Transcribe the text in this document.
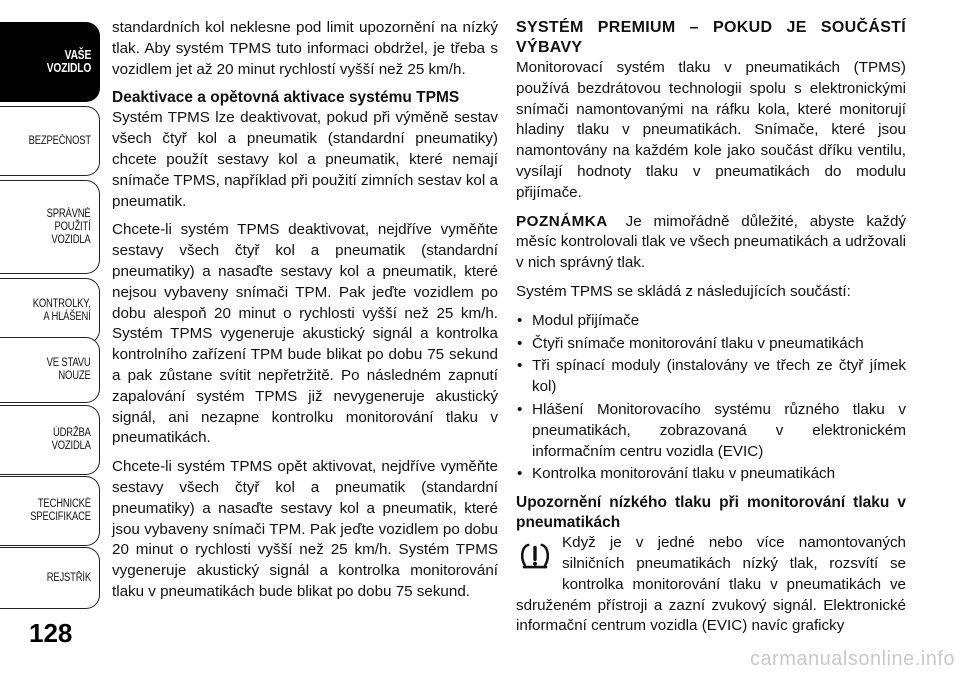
VAŠE
VOZIDLO
BEZPEČNOST
SPRÁVNÉ
POUŽITÍ
VOZIDLA
KONTROLKY,
A HLÁŠENÍ
VE STAVU
NOUZE
ÚDRŽBA
VOZIDLA
TECHNICKÉ
SPECIFIKACE
REJSTŘÍK
128

standardních kol neklesne pod limit upozornění na nízký tlak. Aby systém TPMS tuto informaci obdržel, je třeba s vozidlem jet až 20 minut rychlostí vyšší než 25 km/h.

Deaktivace a opětovná aktivace systému TPMS

Systém TPMS lze deaktivovat, pokud při výměně sestav všech čtyř kol a pneumatik (standardní pneumatiky) chcete použít sestavy kol a pneumatik, které nemají snímače TPMS, například při použití zimních sestav kol a pneumatik.

Chcete-li systém TPMS deaktivovat, nejdříve vyměňte sestavy všech čtyř kol a pneumatik (standardní pneumatiky) a nasaďte sestavy kol a pneumatik, které nejsou vybaveny snímači TPM. Pak jeďte vozidlem po dobu alespoň 20 minut o rychlosti vyšší než 25 km/h. Systém TPMS vygeneruje akustický signál a kontrolka kontrolního zařízení TPM bude blikat po dobu 75 sekund a pak zůstane svítit nepřetržitě. Po následném zapnutí zapalování systém TPMS již nevygeneruje akustický signál, ani nezapne kontrolku monitorování tlaku v pneumatikách.

Chcete-li systém TPMS opět aktivovat, nejdříve vyměňte sestavy všech čtyř kol a pneumatik (standardní pneumatiky) a nasaďte sestavy kol a pneumatik, které jsou vybaveny snímači TPM. Pak jeďte vozidlem po dobu 20 minut o rychlosti vyšší než 25 km/h. Systém TPMS vygeneruje akustický signál a kontrolka monitorování tlaku v pneumatikách bude blikat po dobu 75 sekund.

SYSTÉM PREMIUM – POKUD JE SOUČÁSTÍ VÝBAVY

Monitorovací systém tlaku v pneumatikách (TPMS) používá bezdrátovou technologii spolu s elektronickými snímači namontovanými na ráfku kola, které monitorují hladiny tlaku v pneumatikách. Snímače, které jsou namontovány na každém kole jako součást dříku ventilu, vysílají hodnoty tlaku v pneumatikách do modulu přijímače.

POZNÁMKA Je mimořádně důležité, abyste každý měsíc kontrolovali tlak ve všech pneumatikách a udržovali v nich správný tlak.

Systém TPMS se skládá z následujících součástí:

• Modul přijímače
• Čtyři snímače monitorování tlaku v pneumatikách
• Tři spínací moduly (instalovány ve třech ze čtyř jímek kol)
• Hlášení Monitorovacího systému různého tlaku v pneumatikách, zobrazovaná v elektronickém informačním centru vozidla (EVIC)
• Kontrolka monitorování tlaku v pneumatikách
Upozornění nízkého tlaku při monitorování tlaku v pneumatikách

Když je v jedné nebo více namontovaných silničních pneumatikách nízký tlak, rozsvítí se kontrolka monitorování tlaku v pneumatikách ve sdruženém přístroji a zazní zvukový signál. Elektronické informační centrum vozidla (EVIC) navíc graficky

carmanualsonline.info
